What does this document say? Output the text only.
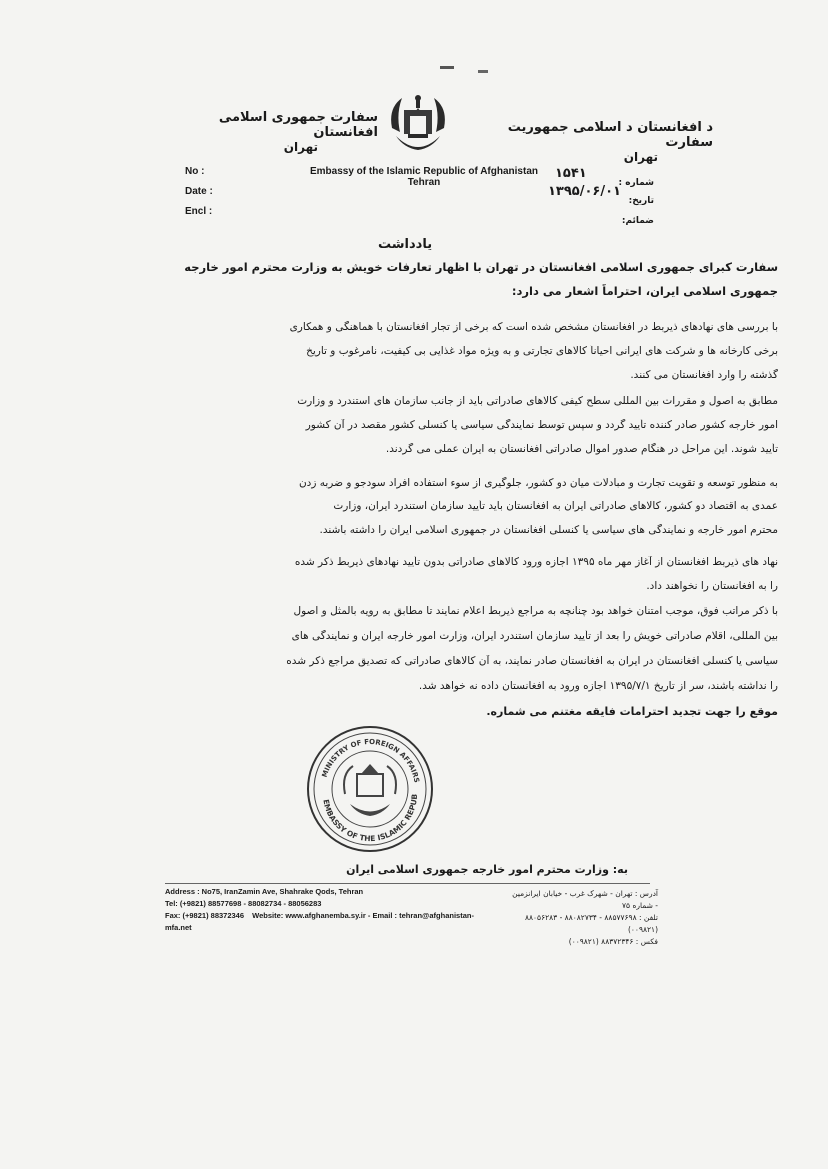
د افغانستان د اسلامی جمهوریت سفارت
تهران
سفارت جمهوری اسلامی افغانستان
تهران
Embassy of the Islamic Republic of Afghanistan
Tehran
No :
Date :
Encl :
شماره :
تاریخ:
ضمائم:
۱۵۴۱
۱۳۹۵/۰۶/۰۱
یادداشت
سفارت کبرای جمهوری اسلامی افغانستان در تهران با اظهار تعارفات خویش به وزارت محترم امور خارجه
جمهوری اسلامی ایران، احتراماً اشعار می دارد:
با بررسی های نهادهای ذیربط در افغانستان مشخص شده است که برخی از تجار افغانستان با هماهنگی و همکاری
برخی کارخانه ها و شرکت های ایرانی احیاناً کالاهای تجارتی و به ویژه مواد غذایی بی کیفیت، نامرغوب و تاریخ
گذشته را وارد افغانستان می کنند.
مطابق به اصول و مقررات بین المللی سطح کیفی کالاهای صادراتی باید از جانب سازمان های استندرد و وزارت
امور خارجه کشور صادر کننده تأیید گردد و سپس توسط نمایندگی سیاسی یا کنسلی کشور مقصد در آن کشور
تأیید شوند. این مراحل در هنگام صدور اموال صادراتی افغانستان به ایران عملی می گردند.
به منظور توسعه و تقویت تجارت و مبادلات میان دو کشور، جلوگیری از سوء استفاده افراد سودجو و ضربه زدن
عمدی به اقتصاد دو کشور، کالاهای صادراتی ایران به افغانستان باید تأیید سازمان استندرد ایران، وزارت
محترم امور خارجه و نمایندگی های سیاسی یا کنسلی افغانستان در جمهوری اسلامی ایران را داشته باشند.
نهاد های ذیربط افغانستان از آغاز مهر ماه ۱۳۹۵ اجازه ورود کالاهای صادراتی بدون تأیید نهادهای ذیربط ذکر شده
را به افغانستان را نخواهند داد.
با ذکر مراتب فوق، موجب امتنان خواهد بود چنانچه به مراجع ذیربط اعلام نمایند تا مطابق به رویه بالمثل و اصول
بین المللی، اقلام صادراتی خویش را بعد از تأیید سازمان استندرد ایران، وزارت امور خارجه ایران و نمایندگی های
سیاسی یا کنسلی افغانستان در ایران به افغانستان صادر نمایند، به آن کالاهای صادراتی که تصدیق مراجع ذکر شده
را نداشته باشند، سر از تاریخ ۱۳۹۵/۷/۱ اجازه ورود به افغانستان داده نه خواهد شد.
موقع را جهت تجدید احترامات فایقه مغتنم می شماره.
EMBASSY OF THE ISLAMIC REPUB
MINISTRY OF FOREIGN AFFAIRS
به: وزارت محترم امور خارجه جمهوری اسلامی ایران
Address : No75, IranZamin Ave, Shahrake Qods, Tehran
Tel: (+9821) 88577698 - 88082734 - 88056283
Fax: (+9821) 88372346 Website: www.afghanemba.sy.ir - Email : tehran@afghanistan-mfa.net
آدرس : تهران - شهرک غرب - خیابان ایرانزمین - شماره ۷۵
تلفن : ۸۸۵۷۷۶۹۸ - ۸۸۰۸۲۷۳۴ - ۸۸۰۵۶۲۸۳ (۰۰۹۸۲۱)
فکس : ۸۸۳۷۲۳۴۶ (۰۰۹۸۲۱)
